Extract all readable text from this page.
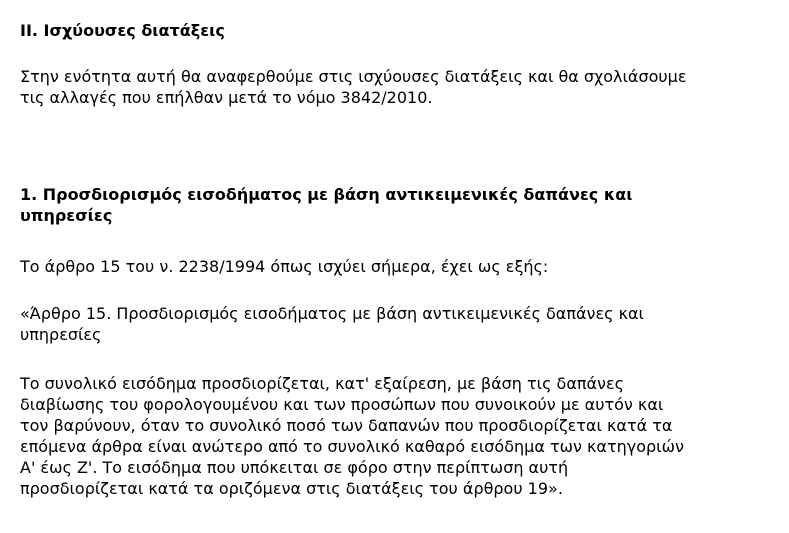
II. Ισχύουσες διατάξεις
Στην ενότητα αυτή θα αναφερθούμε στις ισχύουσες διατάξεις και θα σχολιάσουμε
τις αλλαγές που επήλθαν μετά το νόμο 3842/2010.
1. Προσδιορισμός εισοδήματος με βάση αντικειμενικές δαπάνες και
υπηρεσίες
Το άρθρο 15 του ν. 2238/1994 όπως ισχύει σήμερα, έχει ως εξής:
«Άρθρο 15. Προσδιορισμός εισοδήματος με βάση αντικειμενικές δαπάνες και
υπηρεσίες
Το συνολικό εισόδημα προσδιορίζεται, κατ' εξαίρεση, με βάση τις δαπάνες
διαβίωσης του φορολογουμένου και των προσώπων που συνοικούν με αυτόν και
τον βαρύνουν, όταν το συνολικό ποσό των δαπανών που προσδιορίζεται κατά τα
επόμενα άρθρα είναι ανώτερο από το συνολικό καθαρό εισόδημα των κατηγοριών
Α' έως Ζ'. Το εισόδημα που υπόκειται σε φόρο στην περίπτωση αυτή
προσδιορίζεται κατά τα οριζόμενα στις διατάξεις του άρθρου 19».
